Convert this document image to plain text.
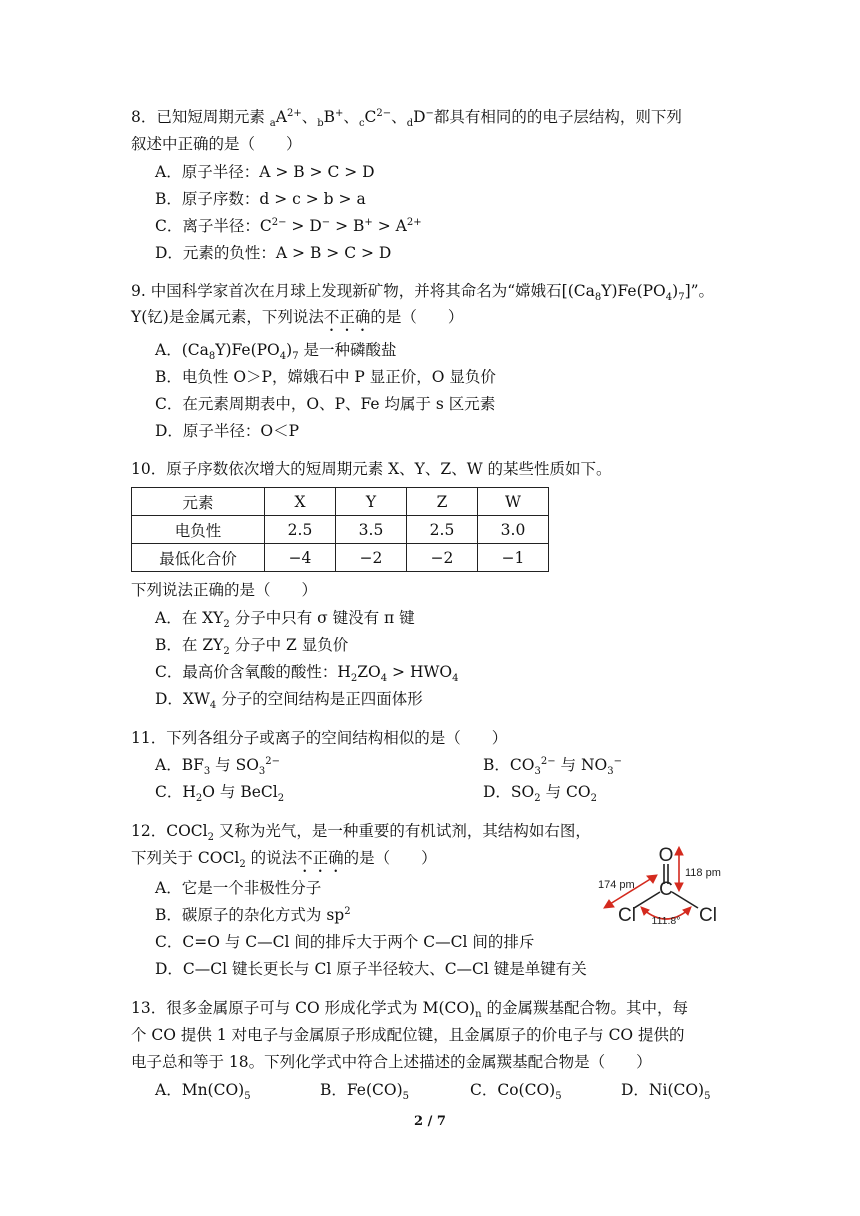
8．已知短周期元素 $_aA^{2+}$、$_b$B+、$_cC^{2-}$、$_d$D−都具有相同的的电子层结构，则下列
叙述中正确的是（　　）
A．原子半径：A > B > C > D
B．原子序数：d > c > b > a
C．离子半径：$C^{2-} > D^- > B^+ > A^{2+}$
D．元素的负性：A > B > C > D
9. 中国科学家首次在月球上发现新矿物，并将其命名为“嫦娥石$[(Ca_8Y)Fe(PO_4)_7]$”。
Y(钇)是金属元素，下列说法不正确的是（　　）
A．$(Ca_8Y)Fe(PO_4)_7$ 是一种磷酸盐
B．电负性 O＞P，嫦娥石中 P 显正价，O 显负价
C．在元素周期表中，O、P、Fe 均属于 s 区元素
D．原子半径：O＜P
10．原子序数依次增大的短周期元素 X、Y、Z、W 的某些性质如下。
元素	X	Y	Z	W
电负性	2.5	3.5	2.5	3.0
最低化合价	−4	−2	−2	−1
下列说法正确的是（　　）
A．在 $XY_2$ 分子中只有 σ 键没有 π 键
B．在 $ZY_2$ 分子中 Z 显负价
C．最高价含氧酸的酸性：$H_2ZO_4 > HWO_4$
D．$XW_4$ 分子的空间结构是正四面体形
11．下列各组分子或离子的空间结构相似的是（　　）
A．$BF_3$ 与 $SO_3^{2-}$	B．$CO_3^{2-}$ 与 $NO_3^-$
C．$H_2O$ 与 BeCl$_2$	D．$SO_2$ 与 $CO_2$
12．COCl$_2$ 又称为光气，是一种重要的有机试剂，其结构如右图，
下列关于 COCl$_2$ 的说法不正确的是（　　）
A．它是一个非极性分子
B．碳原子的杂化方式为 $sp^2$
C．C=O 与 C—Cl 间的排斥大于两个 C—Cl 间的排斥
D．C—Cl 键长更长与 Cl 原子半径较大、C—Cl 键是单键有关
O
C
Cl	Cl
118 pm
174 pm
111.8°
13．很多金属原子可与 CO 形成化学式为 $M(CO)_n$ 的金属羰基配合物。其中，每
个 CO 提供 1 对电子与金属原子形成配位键，且金属原子的价电子与 CO 提供的
电子总和等于 18。下列化学式中符合上述描述的金属羰基配合物是（　　）
A．$Mn(CO)_5$	B．$Fe(CO)_5$	C．$Co(CO)_5$	D．$Ni(CO)_5$
2 / 7
